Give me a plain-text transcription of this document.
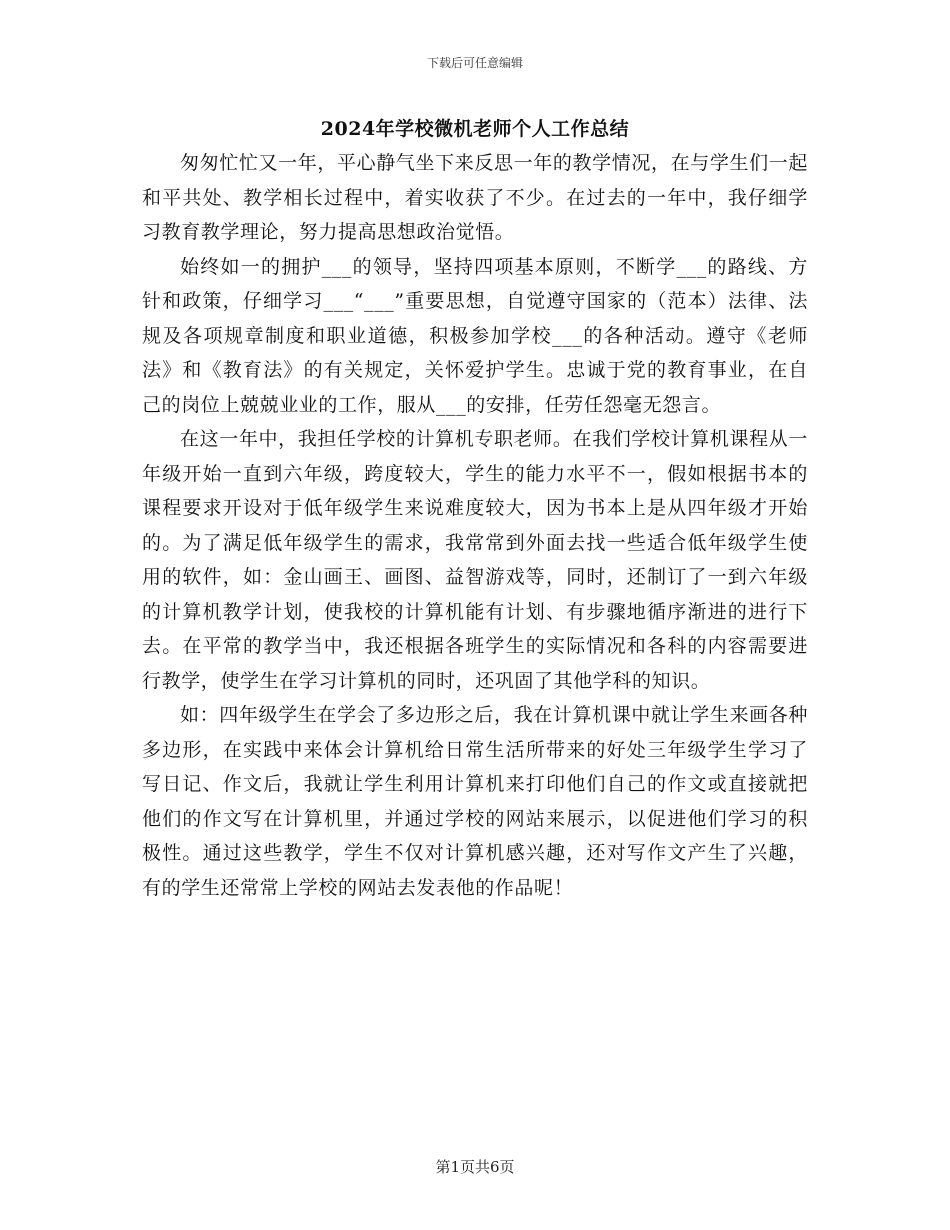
下载后可任意编辑
2024年学校微机老师个人工作总结

匆匆忙忙又一年，平心静气坐下来反思一年的教学情况，在与学生们一起和平共处、教学相长过程中，着实收获了不少。在过去的一年中，我仔细学习教育教学理论，努力提高思想政治觉悟。

始终如一的拥护___的领导，坚持四项基本原则，不断学___的路线、方针和政策，仔细学习___“___”重要思想，自觉遵守国家的（范本）法律、法规及各项规章制度和职业道德，积极参加学校___的各种活动。遵守《老师法》和《教育法》的有关规定，关怀爱护学生。忠诚于党的教育事业，在自己的岗位上兢兢业业的工作，服从___的安排，任劳任怨毫无怨言。

在这一年中，我担任学校的计算机专职老师。在我们学校计算机课程从一年级开始一直到六年级，跨度较大，学生的能力水平不一，假如根据书本的课程要求开设对于低年级学生来说难度较大，因为书本上是从四年级才开始的。为了满足低年级学生的需求，我常常到外面去找一些适合低年级学生使用的软件，如：金山画王、画图、益智游戏等，同时，还制订了一到六年级的计算机教学计划，使我校的计算机能有计划、有步骤地循序渐进的进行下去。在平常的教学当中，我还根据各班学生的实际情况和各科的内容需要进行教学，使学生在学习计算机的同时，还巩固了其他学科的知识。

如：四年级学生在学会了多边形之后，我在计算机课中就让学生来画各种多边形，在实践中来体会计算机给日常生活所带来的好处三年级学生学习了写日记、作文后，我就让学生利用计算机来打印他们自己的作文或直接就把他们的作文写在计算机里，并通过学校的网站来展示，以促进他们学习的积极性。通过这些教学，学生不仅对计算机感兴趣，还对写作文产生了兴趣，有的学生还常常上学校的网站去发表他的作品呢！

第1页共6页
